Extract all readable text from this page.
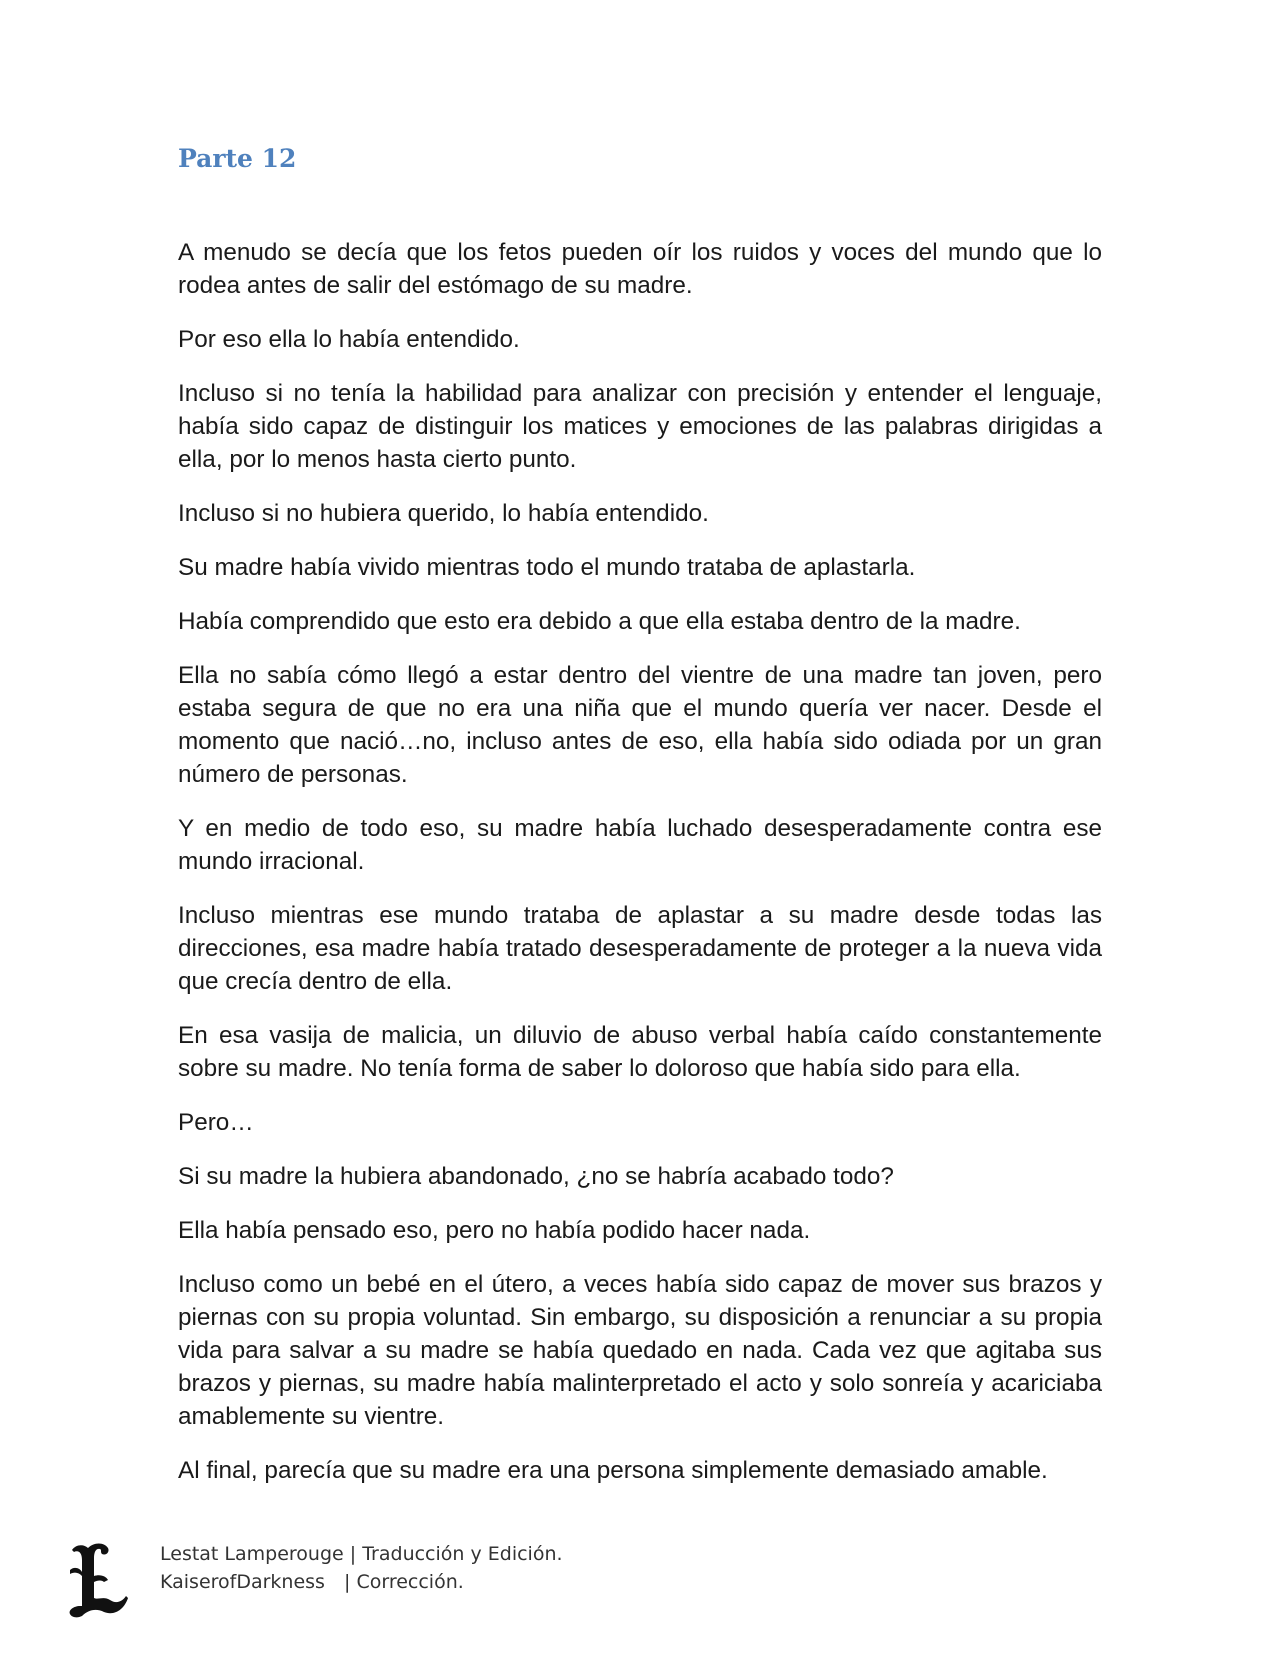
Parte 12

A menudo se decía que los fetos pueden oír los ruidos y voces del mundo que lo rodea antes de salir del estómago de su madre.

Por eso ella lo había entendido.

Incluso si no tenía la habilidad para analizar con precisión y entender el lenguaje, había sido capaz de distinguir los matices y emociones de las palabras dirigidas a ella, por lo menos hasta cierto punto.

Incluso si no hubiera querido, lo había entendido.

Su madre había vivido mientras todo el mundo trataba de aplastarla.

Había comprendido que esto era debido a que ella estaba dentro de la madre.

Ella no sabía cómo llegó a estar dentro del vientre de una madre tan joven, pero estaba segura de que no era una niña que el mundo quería ver nacer. Desde el momento que nació…no, incluso antes de eso, ella había sido odiada por un gran número de personas.

Y en medio de todo eso, su madre había luchado desesperadamente contra ese mundo irracional.

Incluso mientras ese mundo trataba de aplastar a su madre desde todas las direcciones, esa madre había tratado desesperadamente de proteger a la nueva vida que crecía dentro de ella.

En esa vasija de malicia, un diluvio de abuso verbal había caído constantemente sobre su madre. No tenía forma de saber lo doloroso que había sido para ella.

Pero…

Si su madre la hubiera abandonado, ¿no se habría acabado todo?

Ella había pensado eso, pero no había podido hacer nada.

Incluso como un bebé en el útero, a veces había sido capaz de mover sus brazos y piernas con su propia voluntad. Sin embargo, su disposición a renunciar a su propia vida para salvar a su madre se había quedado en nada. Cada vez que agitaba sus brazos y piernas, su madre había malinterpretado el acto y solo sonreía y acariciaba amablemente su vientre.

Al final, parecía que su madre era una persona simplemente demasiado amable.

Lestat Lamperouge | Traducción y Edición.
KaiserofDarkness | Corrección.
